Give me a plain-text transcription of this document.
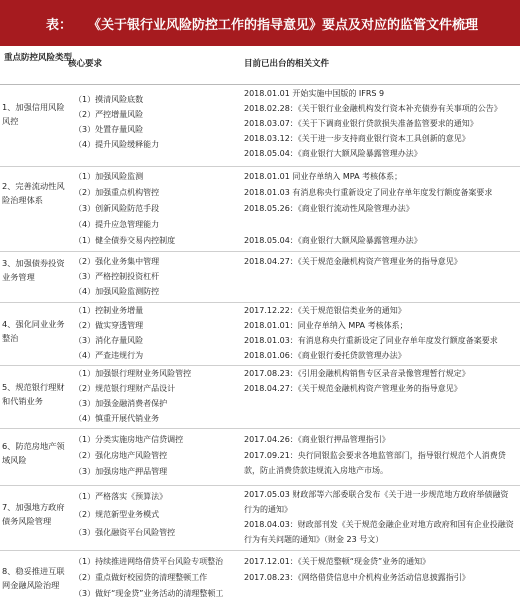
表： 《关于银行业风险防控工作的指导意见》要点及对应的监管文件梳理
重点防控风险类型
核心要求	目前已出台的相关文件
1、加强信用风险风控
（1）摸清风险底数
（2）严控增量风险
（3）处置存量风险
（4）提升风险缓释能力
2018.01.01 开始实施中国版的 IFRS 9
2018.02.28：《关于银行业金融机构发行资本补充债券有关事项的公告》
2018.03.07：《关于下调商业银行贷款损失准备监管要求的通知》
2018.03.12：《关于进一步支持商业银行资本工具创新的意见》
2018.05.04：《商业银行大额风险暴露管理办法》
2、完善流动性风险治理体系
（1）加强风险监测
（2）加强重点机构管控
（3）创新风险防范手段
（4）提升应急管理能力
（1）健全债券交易内控制度
2018.01.01 同业存单纳入 MPA 考核体系；
2018.01.03 有消息称央行重新设定了同业存单年度发行额度备案要求
2018.05.26：《商业银行流动性风险管理办法》
2018.05.04：《商业银行大额风险暴露管理办法》
3、加强债券投资业务管理
（2）强化业务集中管理
（3）严格控制投资杠杆
（4）加强风险监测防控
2018.04.27：《关于规范金融机构资产管理业务的指导意见》
4、强化同业业务整治
（1）控制业务增量
（2）做实穿透管理
（3）消化存量风险
（4）严查违规行为
2017.12.22：《关于规范银信类业务的通知》
2018.01.01：同业存单纳入 MPA 考核体系；
2018.01.03：有消息称央行重新设定了同业存单年度发行额度备案要求
2018.01.06：《商业银行委托贷款管理办法》
5、规范银行理财和代销业务
（1）加强银行理财业务风险管控
（2）规范银行理财产品设计
（3）加强金融消费者保护
（4）慎重开展代销业务
2017.08.23：《引用金融机构销售专区录音录像管理暂行规定》
2018.04.27：《关于规范金融机构资产管理业务的指导意见》
6、防范房地产领域风险
（1）分类实施房地产信贷调控
（2）强化房地产风险管控
（3）加强房地产押品管理
2017.04.26：《商业银行押品管理指引》
2017.09.21：央行同银监会要求各地监管部门，指导银行规范个人消费贷款，防止消费贷款违规流入房地产市场。
7、加强地方政府债务风险管理
（1）严格落实《预算法》
（2）规范新型业务模式
（3）强化融资平台风险管控
2017.05.03 财政部等六部委联合发布《关于进一步规范地方政府举债融资行为的通知》
2018.04.03：财政部刊发《关于规范金融企业对地方政府和国有企业投融资行为有关问题的通知》（财金 23 号文）
8、稳妥推进互联网金融风险治理
（1）持续推进网络借贷平台风险专项整治
（2）重点做好校园贷的清理整顿工作
（3）做好“现金贷”业务活动的清理整顿工
2017.12.01：《关于规范整顿“现金贷”业务的通知》
2017.08.23：《网络借贷信息中介机构业务活动信息披露指引》
